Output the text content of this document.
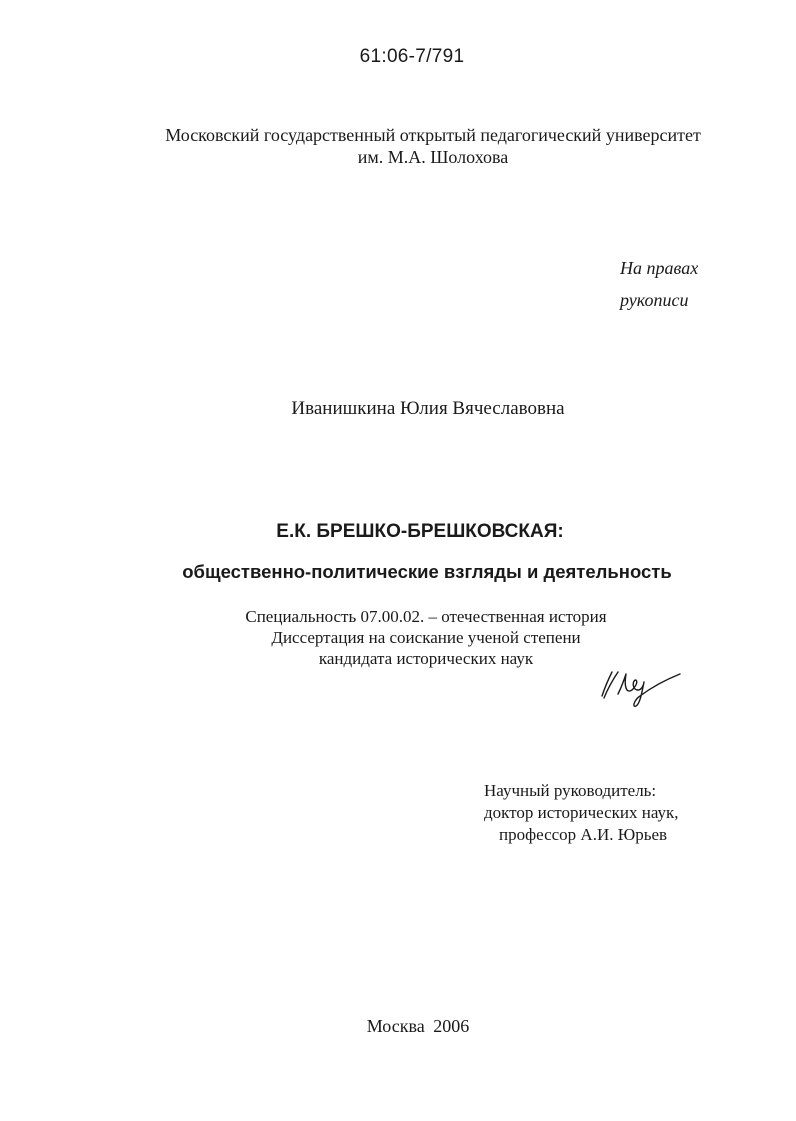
61:06-7/791
Московский государственный открытый педагогический университет
им. М.А. Шолохова
На правах
рукописи
Иванишкина Юлия Вячеславовна
Е.К. БРЕШКО-БРЕШКОВСКАЯ:
общественно-политические взгляды и деятельность
Специальность 07.00.02. – отечественная история
Диссертация на соискание ученой степени
кандидата исторических наук
Научный руководитель:
доктор исторических наук,
профессор А.И. Юрьев
Москва 2006
